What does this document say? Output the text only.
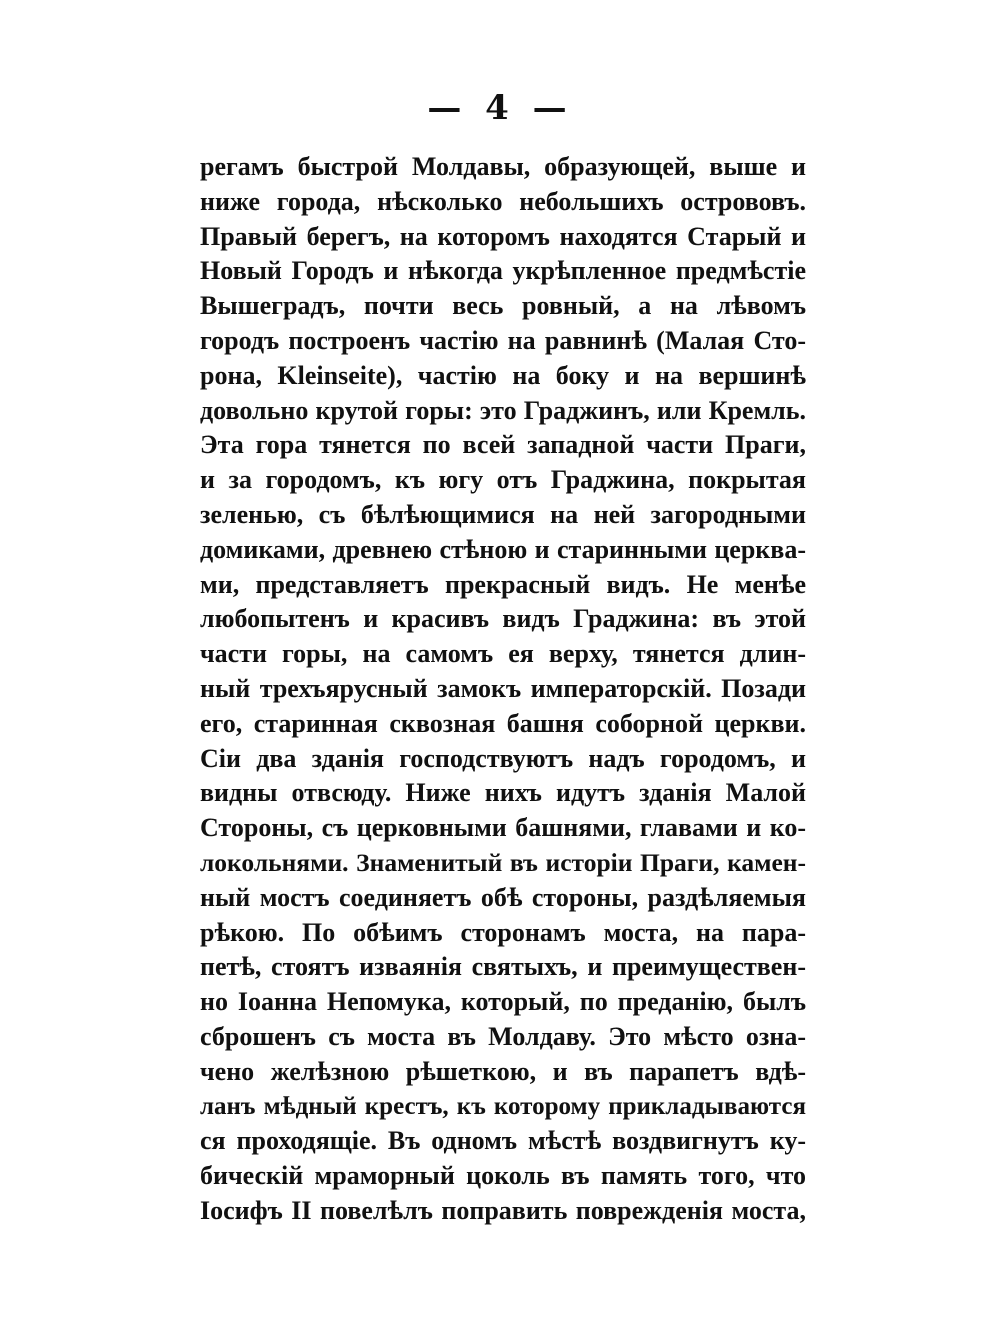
— 4 —
регамъ быстрой Молдавы, образующей, выше и
ниже города, нѣсколько небольшихъ острововъ.
Правый берегъ, на которомъ находятся Старый и
Новый Городъ и нѣкогда укрѣпленное предмѣстіе
Вышеградъ, почти весь ровный, а на лѣвомъ
городъ построенъ частію на равнинѣ (Малая Сто-
рона, Kleinseite), частію на боку и на вершинѣ
довольно крутой горы: это Граджинъ, или Кремль.
Эта гора тянется по всей западной части Праги,
и за городомъ, къ югу отъ Граджина, покрытая
зеленью, съ бѣлѣющимися на ней загородными
домиками, древнею стѣною и старинными церква-
ми, представляетъ прекрасный видъ. Не менѣе
любопытенъ и красивъ видъ Граджина: въ этой
части горы, на самомъ ея верху, тянется длин-
ный трехъярусный замокъ императорскій. Позади
его, старинная сквозная башня соборной церкви.
Сіи два зданія господствуютъ надъ городомъ, и
видны отвсюду. Ниже нихъ идутъ зданія Малой
Стороны, съ церковными башнями, главами и ко-
локольнями. Знаменитый въ исторіи Праги, камен-
ный мостъ соединяетъ обѣ стороны, раздѣляемыя
рѣкою. По обѣимъ сторонамъ моста, на пара-
петѣ, стоятъ изваянія святыхъ, и преимуществен-
но Іоанна Непомука, который, по преданію, былъ
сброшенъ съ моста въ Молдаву. Это мѣсто озна-
чено желѣзною рѣшеткою, и въ парапетъ вдѣ-
ланъ мѣдный крестъ, къ которому прикладываются
ся проходящіе. Въ одномъ мѣстѣ воздвигнутъ ку-
бическій мраморный цоколь въ память того, что
Іосифъ II повелѣлъ поправить поврежденія моста,
